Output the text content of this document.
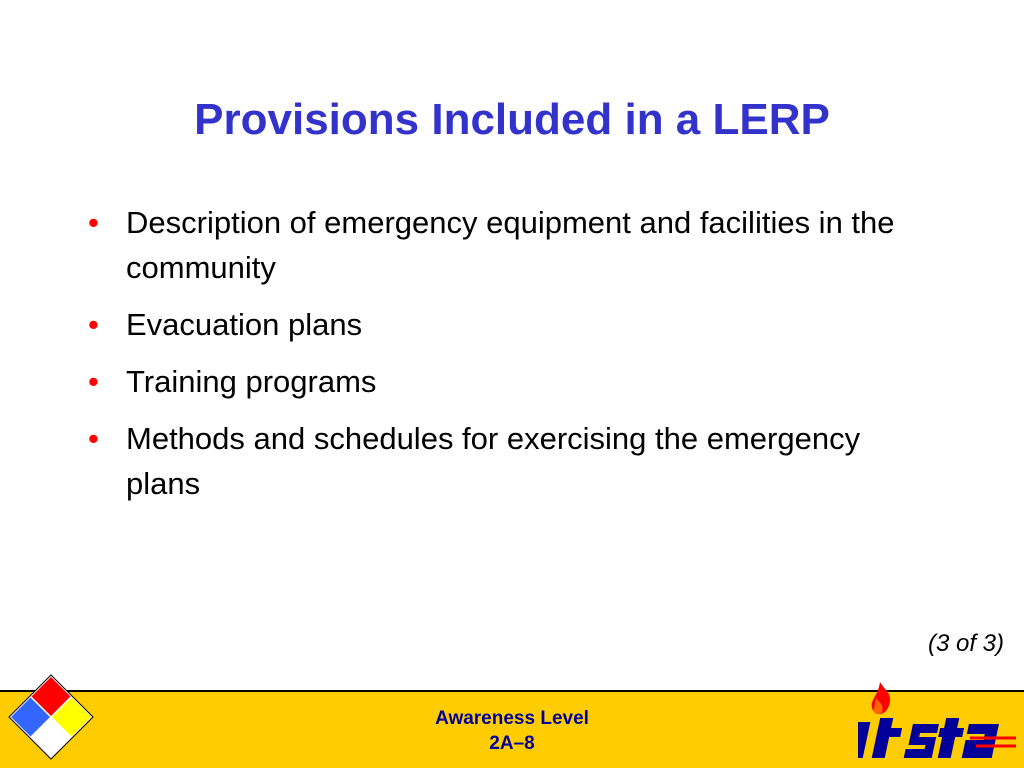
Provisions Included in a LERP
• Description of emergency equipment and facilities in the community
• Evacuation plans
• Training programs
• Methods and schedules for exercising the emergency plans
(3 of 3)
Awareness Level
2A–8
